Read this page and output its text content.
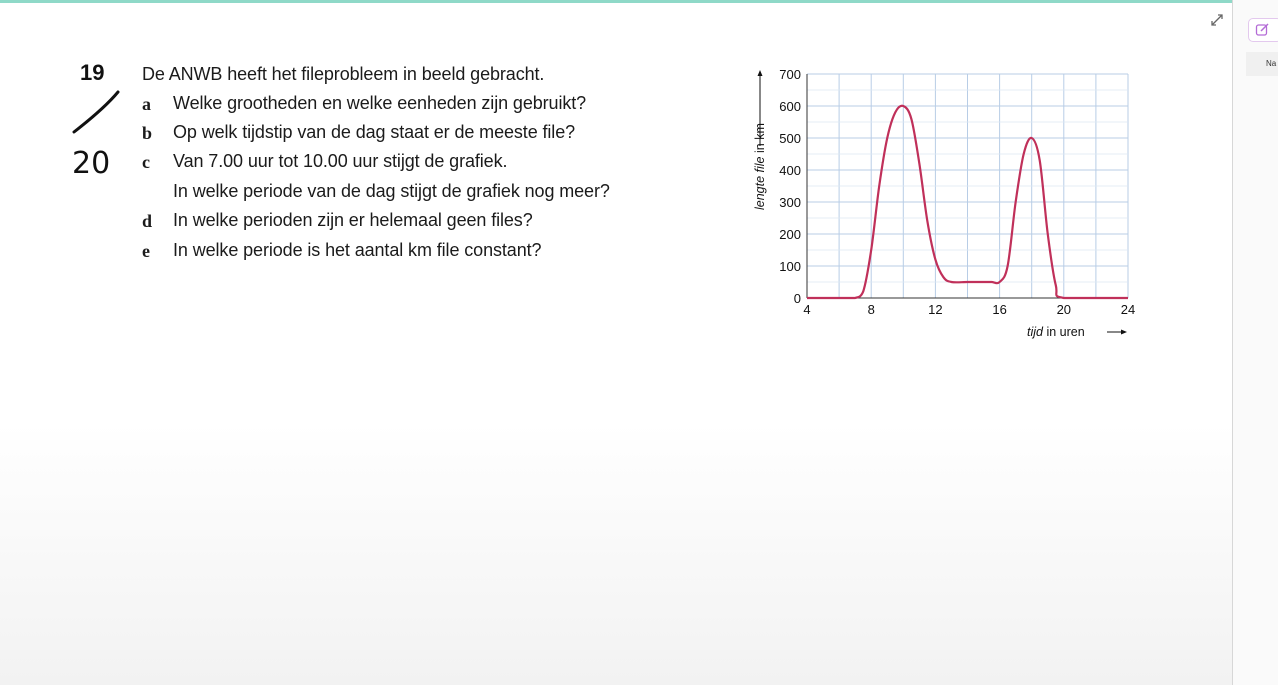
Na
19
20
De ANWB heeft het fileprobleem in beeld gebracht.
a Welke grootheden en welke eenheden zijn gebruikt?
b Op welk tijdstip van de dag staat er de meeste file?
c Van 7.00 uur tot 10.00 uur stijgt de grafiek.
In welke periode van de dag stijgt de grafiek nog meer?
d In welke perioden zijn er helemaal geen files?
e In welke periode is het aantal km file constant?
0
100
200
300
400
500
600
700
4	8	12	16	20	24
lengte file in km
tijd in uren
